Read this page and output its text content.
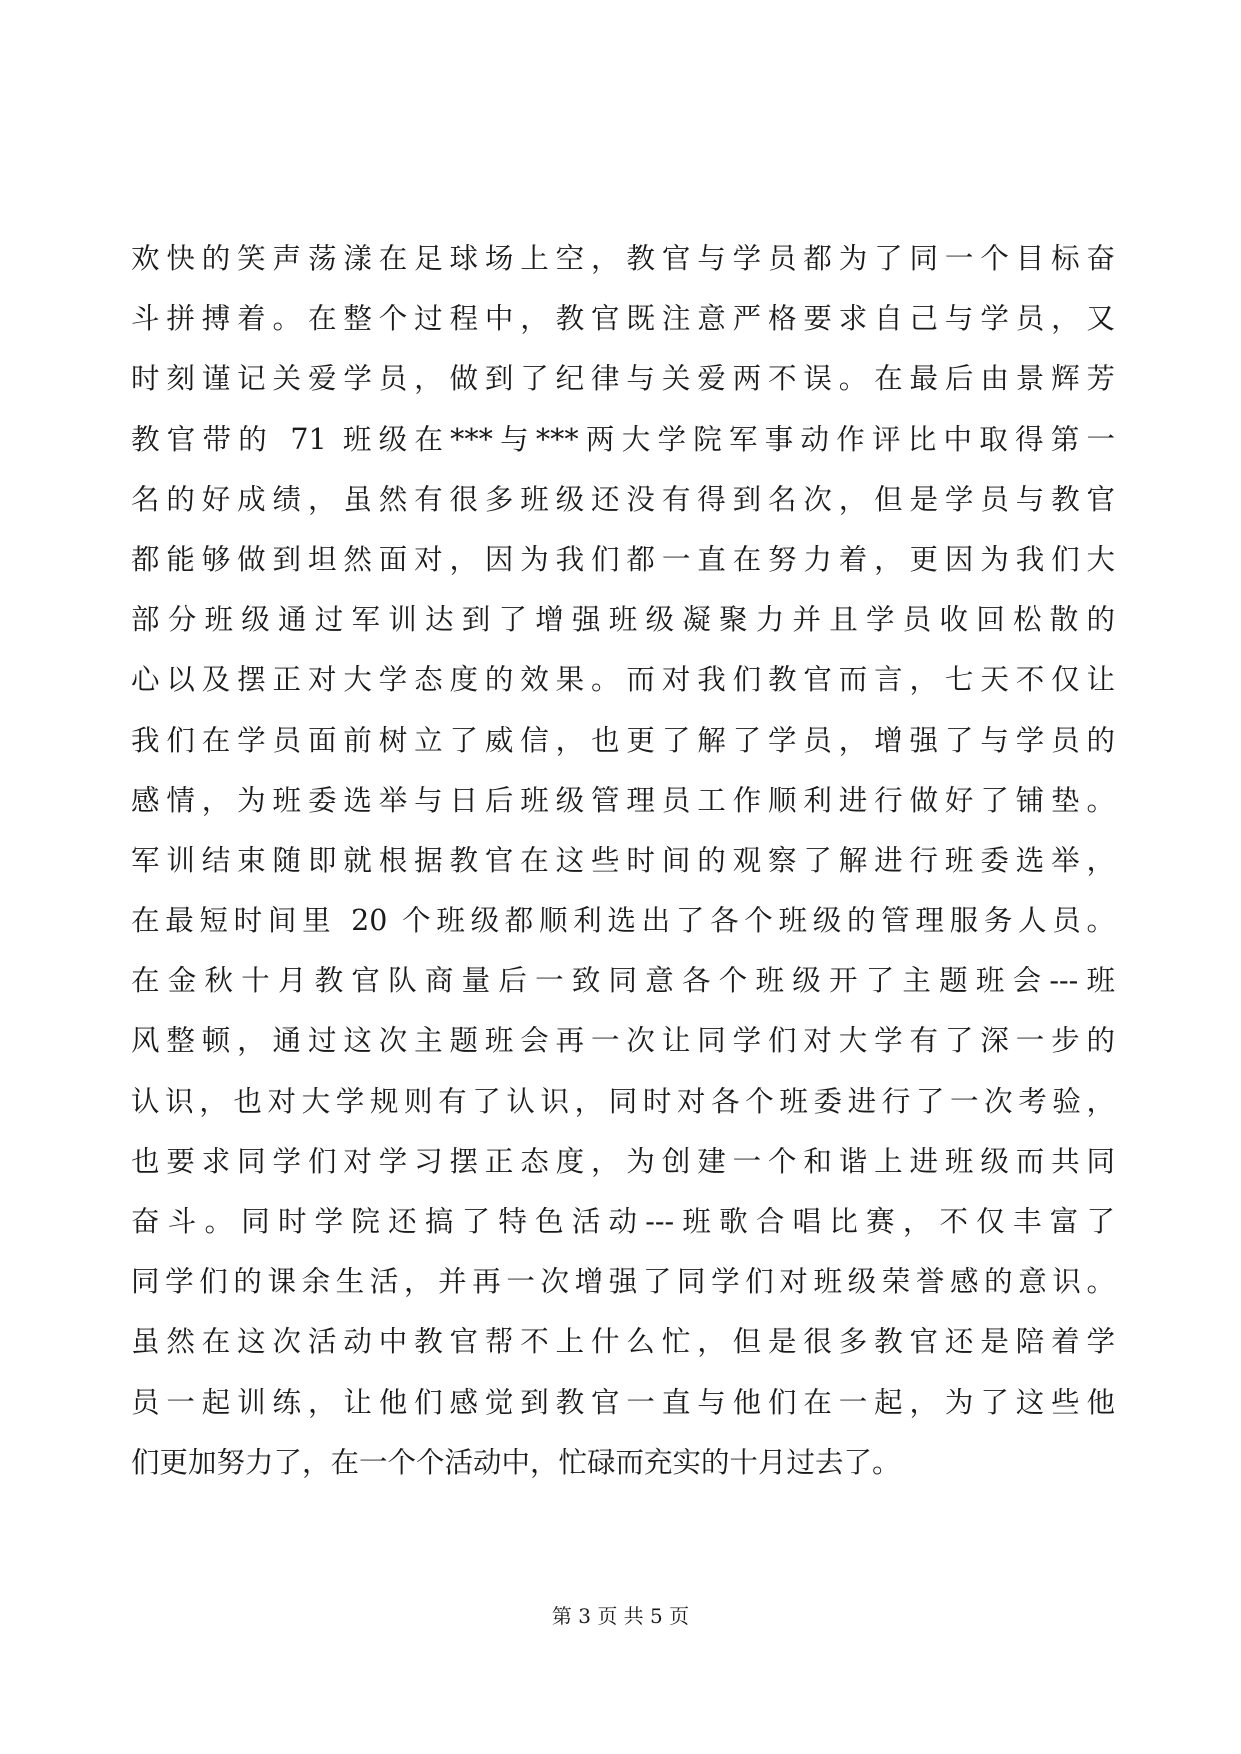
欢快的笑声荡漾在足球场上空，教官与学员都为了同一个目标奋
斗拼搏着。在整个过程中，教官既注意严格要求自己与学员，又
时刻谨记关爱学员，做到了纪律与关爱两不误。在最后由景辉芳
教官带的 71 班级在***与***两大学院军事动作评比中取得第一
名的好成绩，虽然有很多班级还没有得到名次，但是学员与教官
都能够做到坦然面对，因为我们都一直在努力着，更因为我们大
部分班级通过军训达到了增强班级凝聚力并且学员收回松散的
心以及摆正对大学态度的效果。而对我们教官而言，七天不仅让
我们在学员面前树立了威信，也更了解了学员，增强了与学员的
感情，为班委选举与日后班级管理员工作顺利进行做好了铺垫。
军训结束随即就根据教官在这些时间的观察了解进行班委选举，
在最短时间里 20 个班级都顺利选出了各个班级的管理服务人员。
在金秋十月教官队商量后一致同意各个班级开了主题班会---班
风整顿，通过这次主题班会再一次让同学们对大学有了深一步的
认识，也对大学规则有了认识，同时对各个班委进行了一次考验，
也要求同学们对学习摆正态度，为创建一个和谐上进班级而共同
奋斗。同时学院还搞了特色活动---班歌合唱比赛，不仅丰富了
同学们的课余生活，并再一次增强了同学们对班级荣誉感的意识。
虽然在这次活动中教官帮不上什么忙，但是很多教官还是陪着学
员一起训练，让他们感觉到教官一直与他们在一起，为了这些他
们更加努力了，在一个个活动中，忙碌而充实的十月过去了。
第 3 页 共 5 页
